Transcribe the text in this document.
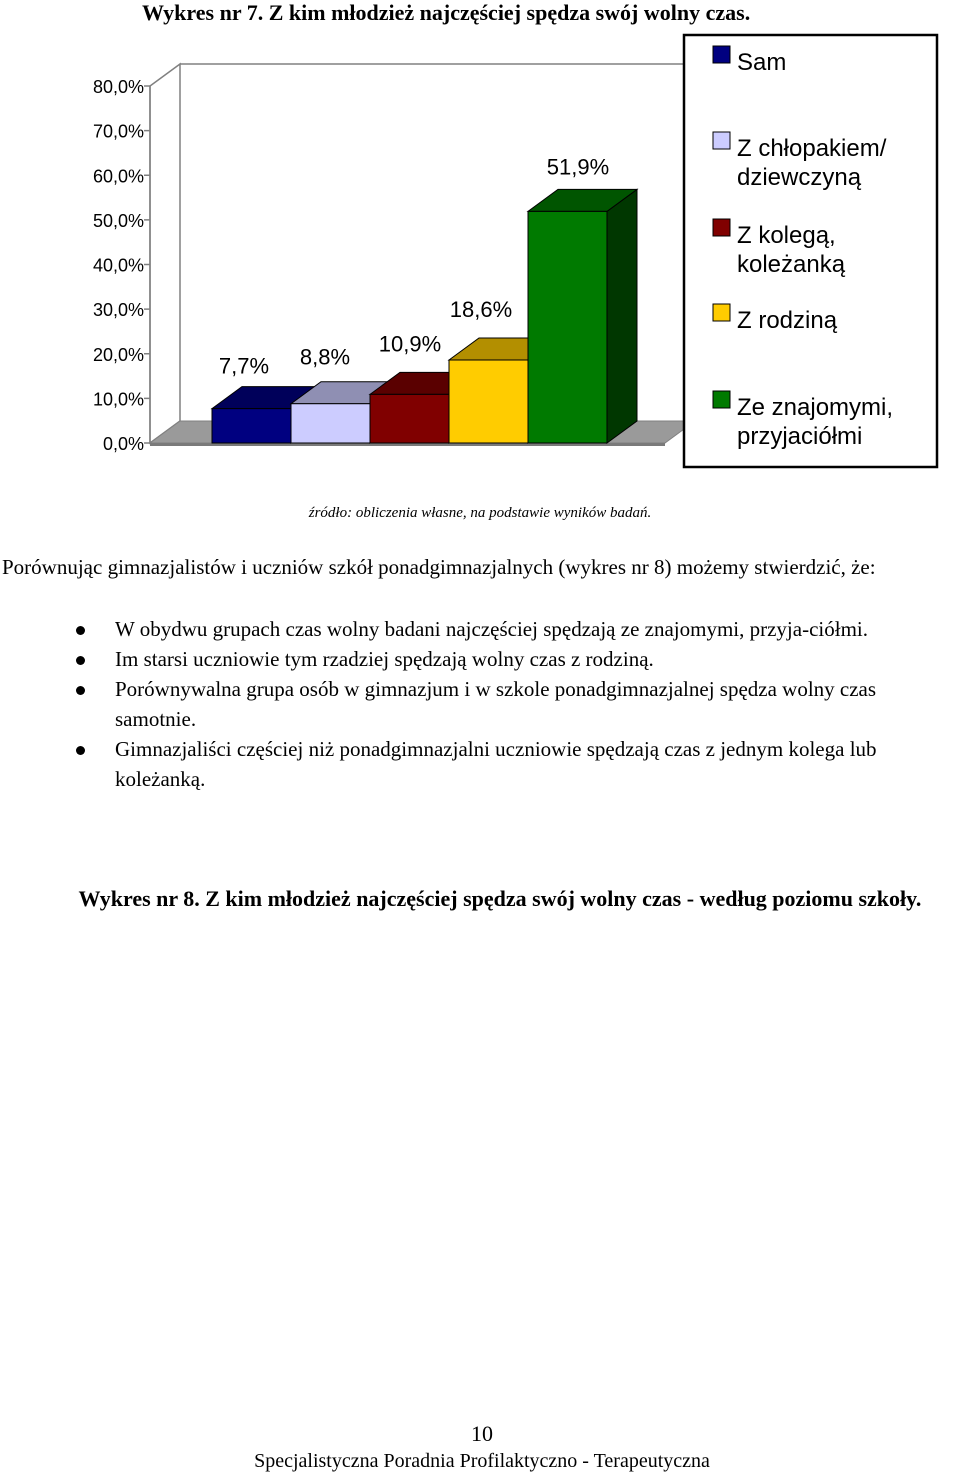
Wykres nr 7. Z kim młodzież najczęściej spędza swój wolny czas.
0,0%
10,0%
20,0%
30,0%
40,0%
50,0%
60,0%
70,0%
80,0%
7,7% 8,8%
10,9%
18,6%
51,9%
Sam
Z chłopakiem/
dziewczyną
Z kolegą,
koleżanką
Z rodziną
Ze znajomymi,
przyjaciółmi
źródło: obliczenia własne, na podstawie wyników badań.
Porównując gimnazjalistów i uczniów szkół ponadgimnazjalnych (wykres nr 8) możemy stwierdzić, że:
W obydwu grupach czas wolny badani najczęściej spędzają ze znajomymi, przyja-ciółmi.
Im starsi uczniowie tym rzadziej spędzają wolny czas z rodziną.
Porównywalna grupa osób w gimnazjum i w szkole ponadgimnazjalnej spędza wolny czas samotnie.
Gimnazjaliści częściej niż ponadgimnazjalni uczniowie spędzają czas z jednym kolega lub koleżanką.
Wykres nr 8. Z kim młodzież najczęściej spędza swój wolny czas - według poziomu szkoły.
10
Specjalistyczna Poradnia Profilaktyczno - Terapeutyczna
